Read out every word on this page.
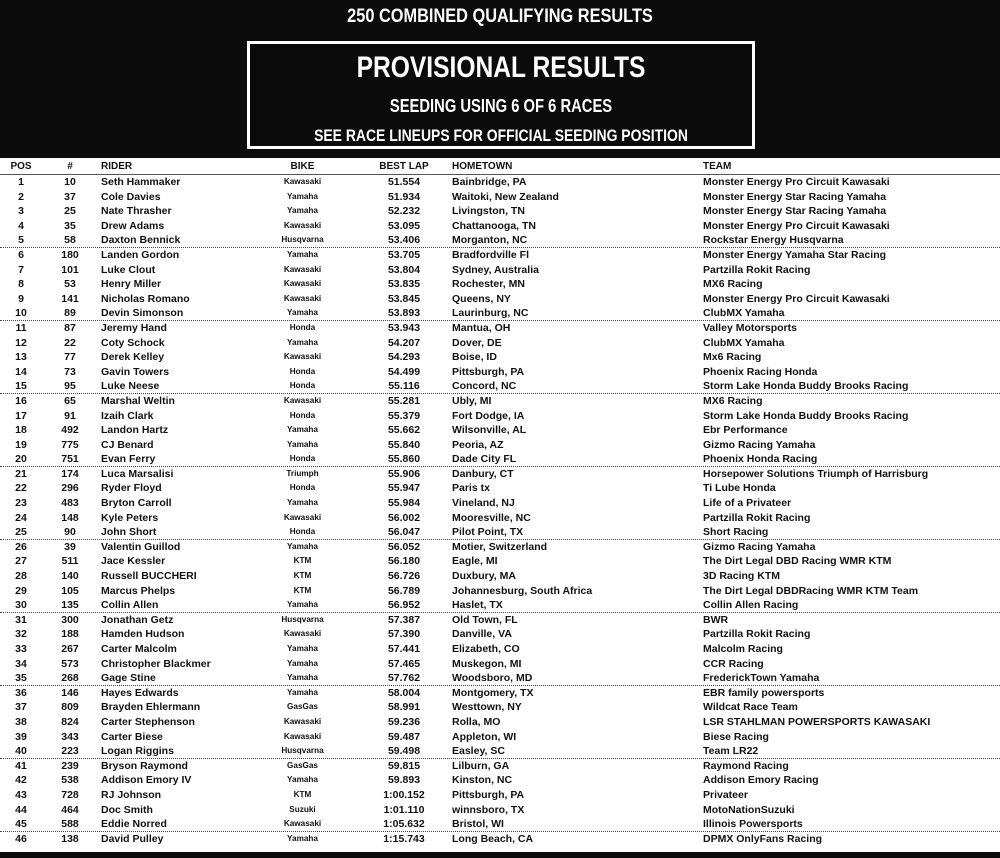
250 COMBINED QUALIFYING RESULTS
PROVISIONAL RESULTS
SEEDING USING 6 OF 6 RACES
SEE RACE LINEUPS FOR OFFICIAL SEEDING POSITION
POS	#	RIDER	BIKE	BEST LAP	HOMETOWN	TEAM
1	10	Seth Hammaker	Kawasaki	51.554	Bainbridge, PA	Monster Energy Pro Circuit Kawasaki
2	37	Cole Davies	Yamaha	51.934	Waitoki, New Zealand	Monster Energy Star Racing Yamaha
3	25	Nate Thrasher	Yamaha	52.232	Livingston, TN	Monster Energy Star Racing Yamaha
4	35	Drew Adams	Kawasaki	53.095	Chattanooga, TN	Monster Energy Pro Circuit Kawasaki
5	58	Daxton Bennick	Husqvarna	53.406	Morganton, NC	Rockstar Energy Husqvarna
6	180	Landen Gordon	Yamaha	53.705	Bradfordville Fl	Monster Energy Yamaha Star Racing
7	101	Luke Clout	Kawasaki	53.804	Sydney, Australia	Partzilla Rokit Racing
8	53	Henry Miller	Kawasaki	53.835	Rochester, MN	MX6 Racing
9	141	Nicholas Romano	Kawasaki	53.845	Queens, NY	Monster Energy Pro Circuit Kawasaki
10	89	Devin Simonson	Yamaha	53.893	Laurinburg, NC	ClubMX Yamaha
11	87	Jeremy Hand	Honda	53.943	Mantua, OH	Valley Motorsports
12	22	Coty Schock	Yamaha	54.207	Dover, DE	ClubMX Yamaha
13	77	Derek Kelley	Kawasaki	54.293	Boise, ID	Mx6 Racing
14	73	Gavin Towers	Honda	54.499	Pittsburgh, PA	Phoenix Racing Honda
15	95	Luke Neese	Honda	55.116	Concord, NC	Storm Lake Honda Buddy Brooks Racing
16	65	Marshal Weltin	Kawasaki	55.281	Ubly, MI	MX6 Racing
17	91	Izaih Clark	Honda	55.379	Fort Dodge, IA	Storm Lake Honda Buddy Brooks Racing
18	492	Landon Hartz	Yamaha	55.662	Wilsonville, AL	Ebr Performance
19	775	CJ Benard	Yamaha	55.840	Peoria, AZ	Gizmo Racing Yamaha
20	751	Evan Ferry	Honda	55.860	Dade City FL	Phoenix Honda Racing
21	174	Luca Marsalisi	Triumph	55.906	Danbury, CT	Horsepower Solutions Triumph of Harrisburg
22	296	Ryder Floyd	Honda	55.947	Paris tx	Ti Lube Honda
23	483	Bryton Carroll	Yamaha	55.984	Vineland, NJ	Life of a Privateer
24	148	Kyle Peters	Kawasaki	56.002	Mooresville, NC	Partzilla Rokit Racing
25	90	John Short	Honda	56.047	Pilot Point, TX	Short Racing
26	39	Valentin Guillod	Yamaha	56.052	Motier, Switzerland	Gizmo Racing Yamaha
27	511	Jace Kessler	KTM	56.180	Eagle, MI	The Dirt Legal DBD Racing WMR KTM
28	140	Russell BUCCHERI	KTM	56.726	Duxbury, MA	3D Racing KTM
29	105	Marcus Phelps	KTM	56.789	Johannesburg, South Africa	The Dirt Legal DBDRacing WMR KTM Team
30	135	Collin Allen	Yamaha	56.952	Haslet, TX	Collin Allen Racing
31	300	Jonathan Getz	Husqvarna	57.387	Old Town, FL	BWR
32	188	Hamden Hudson	Kawasaki	57.390	Danville, VA	Partzilla Rokit Racing
33	267	Carter Malcolm	Yamaha	57.441	Elizabeth, CO	Malcolm Racing
34	573	Christopher Blackmer	Yamaha	57.465	Muskegon, MI	CCR Racing
35	268	Gage Stine	Yamaha	57.762	Woodsboro, MD	FrederickTown Yamaha
36	146	Hayes Edwards	Yamaha	58.004	Montgomery, TX	EBR family powersports
37	809	Brayden Ehlermann	GasGas	58.991	Westtown, NY	Wildcat Race Team
38	824	Carter Stephenson	Kawasaki	59.236	Rolla, MO	LSR STAHLMAN POWERSPORTS KAWASAKI
39	343	Carter Biese	Kawasaki	59.487	Appleton, WI	Biese Racing
40	223	Logan Riggins	Husqvarna	59.498	Easley, SC	Team LR22
41	239	Bryson Raymond	GasGas	59.815	Lilburn, GA	Raymond Racing
42	538	Addison Emory IV	Yamaha	59.893	Kinston, NC	Addison Emory Racing
43	728	RJ Johnson	KTM	1:00.152	Pittsburgh, PA	Privateer
44	464	Doc Smith	Suzuki	1:01.110	winnsboro, TX	MotoNationSuzuki
45	588	Eddie Norred	Kawasaki	1:05.632	Bristol, WI	Illinois Powersports
46	138	David Pulley	Yamaha	1:15.743	Long Beach, CA	DPMX OnlyFans Racing
